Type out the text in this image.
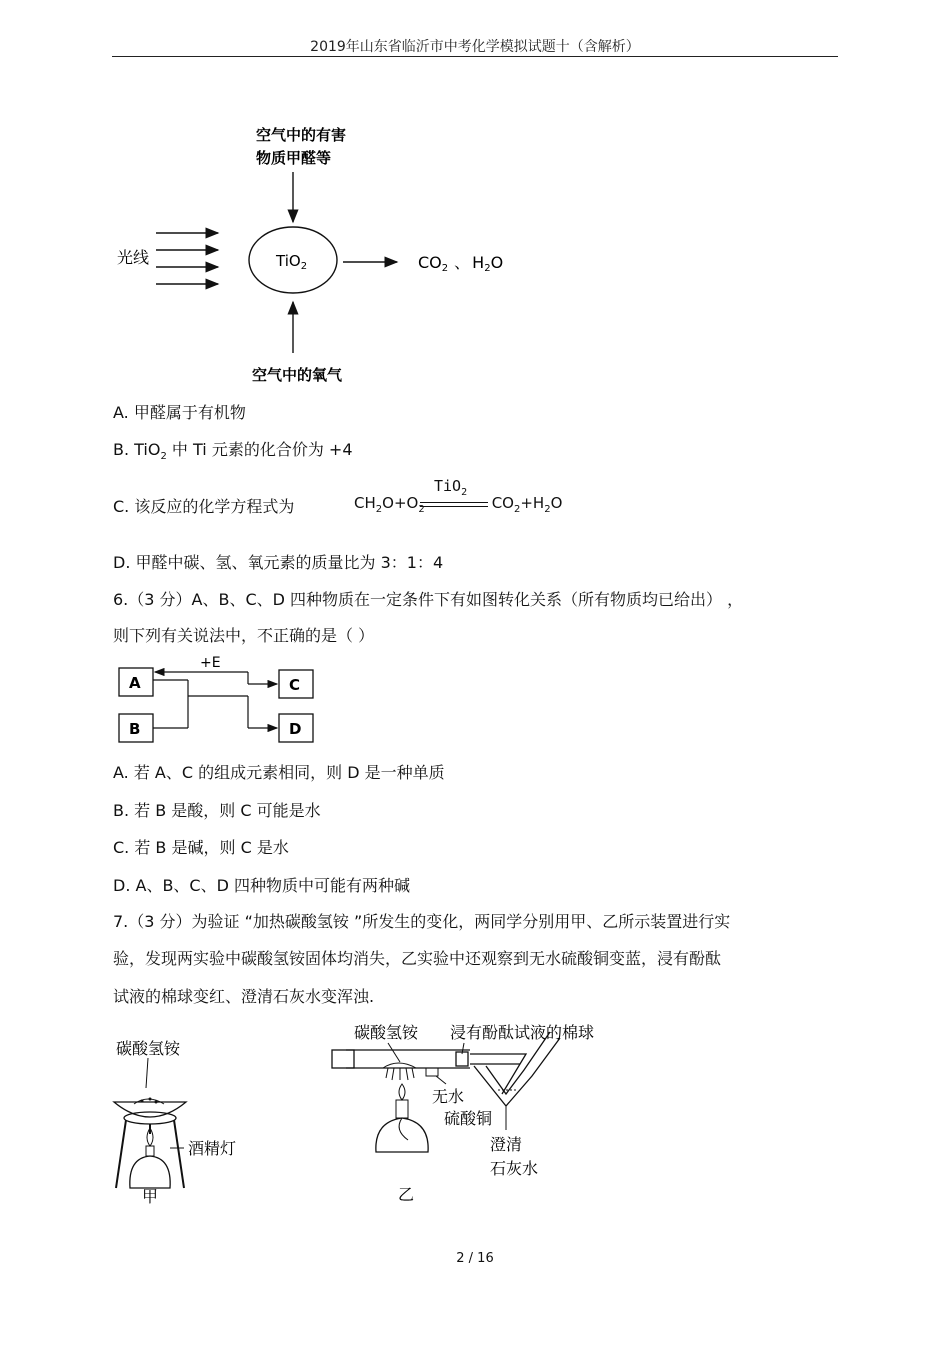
2019年山东省临沂市中考化学模拟试题十（含解析）
空气中的有害
物质甲醛等
光线	TiO$_2$	CO2 、 H2O
空气中的氧气
A. 甲醛属于有机物
B. TiO$_2$ 中 Ti 元素的化合价为 +4
C. 该反应的化学方程式为	$CH_2O+O_2$	$CO_2+H_2O$
TiO$_2$
D. 甲醛中碳、氢、氧元素的质量比为 3：1：4
6.（3 分）A、B、C、D 四种物质在一定条件下有如图转化关系（所有物质均已给出） ，
则下列有关说法中，不正确的是（ ）
+E
A
B
C
D
A. 若 A、C 的组成元素相同，则 D 是一种单质
B. 若 B 是酸，则 C 可能是水
C. 若 B 是碱，则 C 是水
D. A、B、C、D 四种物质中可能有两种碱
7.（3 分）为验证 “加热碳酸氢铵 ”所发生的变化，两同学分别用甲、乙所示装置进行实
验，发现两实验中碳酸氢铵固体均消失，乙实验中还观察到无水硫酸铜变蓝，浸有酚酞
试液的棉球变红、澄清石灰水变浑浊.
碳酸氢铵
酒精灯
甲
碳酸氢铵 浸有酚酞试液的棉球
无水
硫酸铜
澄清
石灰水
乙
2 / 16
